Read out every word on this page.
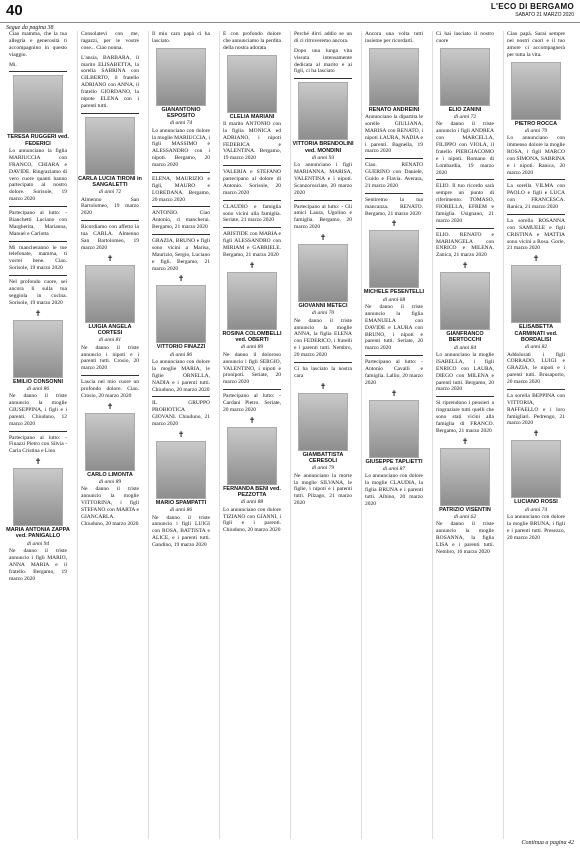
40	L'ECO DI BERGAMO
SABATO 21 MARZO 2020
Segue da pagina 38
Ciao mamma, che la tua allegria e generosità ti accompagnino in questo viaggio.
Mi.
TERESA RUGGERI ved. FEDERICI
Lo annunciano la figlia MARIUCCIA con FRANCO, CHIARA e DAVIDE. Ringraziamo di vero cuore quanti hanno partecipato al nostro dolore. Sorisole, 19 marzo 2020
Partecipano al lutto: - Bianchetti Luciano con Margherita, Marianna, Manuel e Carlotta
Mi mancheranno le tue telefonate, mamma, ti vorrei bene. Ciao. Sorisole, 19 marzo 2020
Nel profondo cuore, sei ancora lì sulla tua seggiola in cucina. Sorisole, 19 marzo 2020
✝
EMILIO CONSONNI
di anni 86
Ne danno il triste annuncio la moglie GIUSEPPINA, i figli e i parenti. Chiuduno, 12 marzo 2020
Partecipano al lutto: - Finazzi Pietro con Silvia - Carla Cristina e Lino
✝
MARIA ANTONIA ZAPPA ved. PANIGALLO
di anni 94
Ne danno il triste annuncio i figli MARIO, ANNA MARIA e il fratello. Bergamo, 19 marzo 2020
Consolatevi con me, ragazzi, per le vostre cose... Ciao nonna.
L'ansia, BARBARA, il marito ELISABETTA, la sorella SABRINA con GILBERTO, il fratello ADRIANO con ANNA, il fratello GIORDANO, la nipote ELENA con i parenti tutti.
CARLA LUCIA TIRONI in SANGALETTI
di anni 72
Almenno San Bartolomeo, 19 marzo 2020
Ricordiamo con affetto la tua CARLA. Almenno San Bartolomeo, 19 marzo 2020
✝
LUIGIA ANGELA CORTESI
di anni 81
Ne danno il triste annuncio i nipoti e i parenti tutti. Crosio, 20 marzo 2020
Lascia nel mio cuore un profondo dolore. Ciao. Crosio, 20 marzo 2020
✝
CARLO LIMONTA
di anni 89
Ne danno il triste annuncio la moglie VITTORINA, i figli STEFANO con MARTA e GIANCARLA. Chiuduno, 20 marzo 2020
Il mio caro papà ci ha lasciato.
GIANANTONIO ESPOSITO
di anni 74
Lo annunciano con dolore la moglie MARIUCCIA, i figli MASSIMO e ALESSANDRO con i nipoti. Bergamo, 20 marzo 2020
ELENA, MAURIZIO e figli, MAURO e LOREDANA. Bergamo, 20 marzo 2020
ANTONIO. Ciao Antonio, ci mancherai. Bergamo, 21 marzo 2020
GRAZIA, BRUNO e figli sono vicini a Marisa, Maurizio, Sergio, Luciano e figli. Bergamo, 21 marzo 2020
✝
VITTORIO FINAZZI
di anni 86
Lo annunciano con dolore la moglie MARIA, le figlie ORNELLA, NADIA e i parenti tutti. Chiuduno, 20 marzo 2020
IL GRUPPO PROBIOTICA GIOVANI. Chiuduno, 21 marzo 2020
✝
MARIO SPAMPATTI
di anni 86
Ne danno il triste annuncio i figli LUIGI con ROSA, BATTISTA e ALICE, e i parenti tutti. Gandino, 19 marzo 2020
È con profondo dolore che annunciamo la perdita della nostra adorata
CLELIA MARIANI
Il marito ANTONIO con la figlia MONICA ed ADRIANO, i nipoti FEDERICA e VALENTINA. Bergamo, 19 marzo 2020
VALERIA e STEFANO partecipano al dolore di Antonio. Sorisole, 20 marzo 2020
CLAUDIO e famiglia sono vicini alla famiglia. Seriate, 21 marzo 2020
ARISTIDE con MARIA e figli ALESSANDRO con MIRIAM e GABRIELE. Bergamo, 21 marzo 2020
✝
ROSINA COLOMBELLI ved. OBERTI
di anni 89
Ne danno il doloroso annuncio i figli SERGIO, VALENTINO, i nipoti e pronipoti. Seriate, 20 marzo 2020
Partecipano al lutto: - Cardani Pietro. Seriate, 20 marzo 2020
✝
FERNANDA BENI ved. PEZZOTTA
di anni 88
Lo annunciano con dolore TIZIANO con GIANNI, i figli e i parenti. Chiuduno, 20 marzo 2020
Perché dirci addio se un dì ci ritroveremo ancora.
Dopo una lunga vita vissuta intensamente dedicata al marito e ai figli, ci ha lasciato
VITTORIA BRENDOLINI ved. MONDINI
di anni 93
Lo annunciano i figli MARIANNA, MARISA, VALENTINA e i nipoti. Scanzorosciate, 20 marzo 2020
Partecipano al lutto: - Gli amici Laura, Ugolino e famiglia. Bergamo, 20 marzo 2020
✝
GIOVANNI METECI
di anni 70
Ne danno il triste annuncio la moglie ANNA, la figlia ELENA con FEDERICO, i fratelli e i parenti tutti. Nembro, 20 marzo 2020
Ci ha lasciato la nostra cara
✝
GIAMBATTISTA CERESOLI
di anni 79
Ne annunciano la morte la moglie SILVANA, le figlie, i nipoti e i parenti tutti. Pilzago, 21 marzo 2020
Ancora una volta tutti insieme per ricordarti.
RENATO ANDREINI
Annunciano la dipartita le sorelle GIULIANA, MARISA con RENATO, i nipoti LAURA, NADIA e i parenti. Bagnella, 19 marzo 2020
Ciao. RENATO GUERINO con Daniele, Guido e Flavia. Averara, 21 marzo 2020
Sentiremo la tua mancanza. RENATO. Bergamo, 21 marzo 2020
✝
MICHELE PESENTELLI
di anni 68
Ne danno il triste annuncio la figlia EMANUELA con DAVIDE e LAURA con BRUNO, i nipoti e parenti tutti. Seriate, 20 marzo 2020
Partecipano al lutto: - Antonio Cavalli e famiglia. Lallio, 20 marzo 2020
✝
GIUSEPPE TAPLIETTI
di anni 87
Lo annunciano con dolore la moglie CLAUDIA, la figlia BRUNA e i parenti tutti. Albino, 20 marzo 2020
Ci hai lasciato il nostro cuore
ELIO ZANINI
di anni 72
Ne danno il triste annuncio i figli ANDREA con MARCELLA, FILIPPO con VIOLA, il fratello PIERGIACOMO e i nipoti. Romano di Lombardia, 19 marzo 2020
ELIO. Il tuo ricordo sarà sempre un punto di riferimento. TOMASO, FIORELLA, EFREM e famiglia. Usignano, 21 marzo 2020
ELIO. RENATO e MARIANGELA con ENRICO e MILENA. Zanica, 21 marzo 2020
✝
GIANFRANCO BERTOCCHI
di anni 84
Lo annunciano la moglie ISABELLA, i figli ENRICO con LAURA, DIEGO con MILENA e parenti tutti. Bergamo, 20 marzo 2020
Si riprendono i pensieri a ringraziare tutti quelli che sono stati vicini alla famiglia di FRANCO. Bergamo, 21 marzo 2020
✝
PATRIZIO VISENTIN
di anni 62
Ne danno il triste annuncio la moglie ROSANNA, la figlia LISA e i parenti tutti. Nembro, 16 marzo 2020
Ciao papà. Sarai sempre nei nostri cuori e il tuo amore ci accompagnerà per tutta la vita.
PIETRO ROCCA
di anni 79
Lo annunciano con immenso dolore la moglie ROSA, i figli MARCO con SIMONA, SABRINA e i nipoti. Ranica, 20 marzo 2020
La sorella VILMA con PAOLO e figli e LUCA con FRANCESCA. Ranica, 21 marzo 2020
La sorella ROSANNA con SAMUELE e figli CRISTINA e MATTIA sono vicini a Rosa. Gorle, 21 marzo 2020
✝
ELISABETTA CARMINATI ved. BORDALISI
di anni 82
Addolorati i figli CORRADO, LUIGI e GRAZIA, le nipoti e i parenti tutti. Brusaporto, 20 marzo 2020
La sorella BEPPINA con VITTORIA, RAFFAELLO e i loro famigliari. Pedrengo, 21 marzo 2020
✝
LUCIANO ROSSI
di anni 74
Lo annunciano con dolore la moglie BRUNA, i figli e i parenti tutti. Presezzo, 20 marzo 2020
Continua a pagina 42
